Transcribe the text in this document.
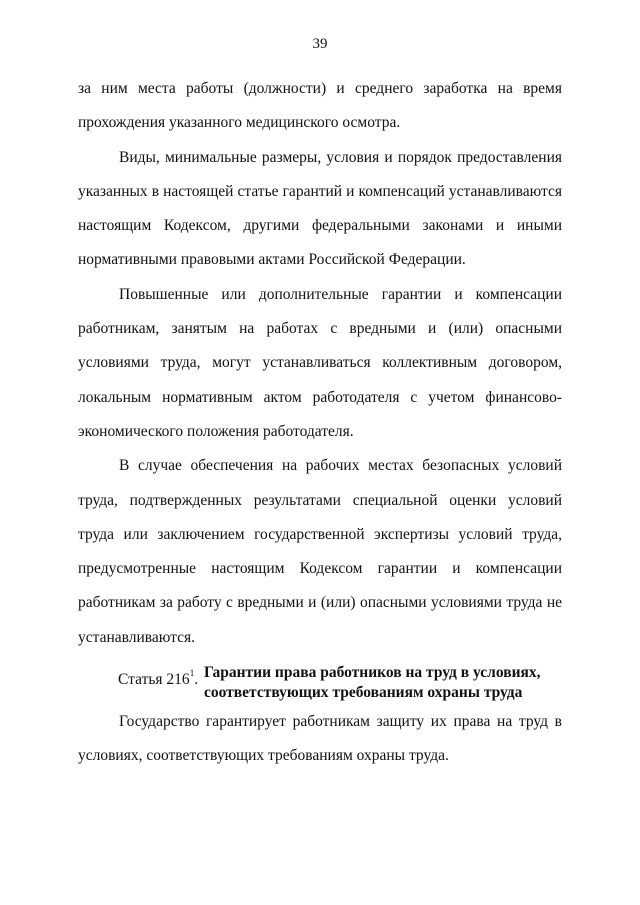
39

за ним места работы (должности) и среднего заработка на время прохождения указанного медицинского осмотра.

Виды, минимальные размеры, условия и порядок предоставления указанных в настоящей статье гарантий и компенсаций устанавливаются настоящим Кодексом, другими федеральными законами и иными нормативными правовыми актами Российской Федерации.

Повышенные или дополнительные гарантии и компенсации работникам, занятым на работах с вредными и (или) опасными условиями труда, могут устанавливаться коллективным договором, локальным нормативным актом работодателя с учетом финансово-экономического положения работодателя.

В случае обеспечения на рабочих местах безопасных условий труда, подтвержденных результатами специальной оценки условий труда или заключением государственной экспертизы условий труда, предусмотренные настоящим Кодексом гарантии и компенсации работникам за работу с вредными и (или) опасными условиями труда не устанавливаются.

Статья $216^1$. Гарантии права работников на труд в условиях, соответствующих требованиям охраны труда

Государство гарантирует работникам защиту их права на труд в условиях, соответствующих требованиям охраны труда.
